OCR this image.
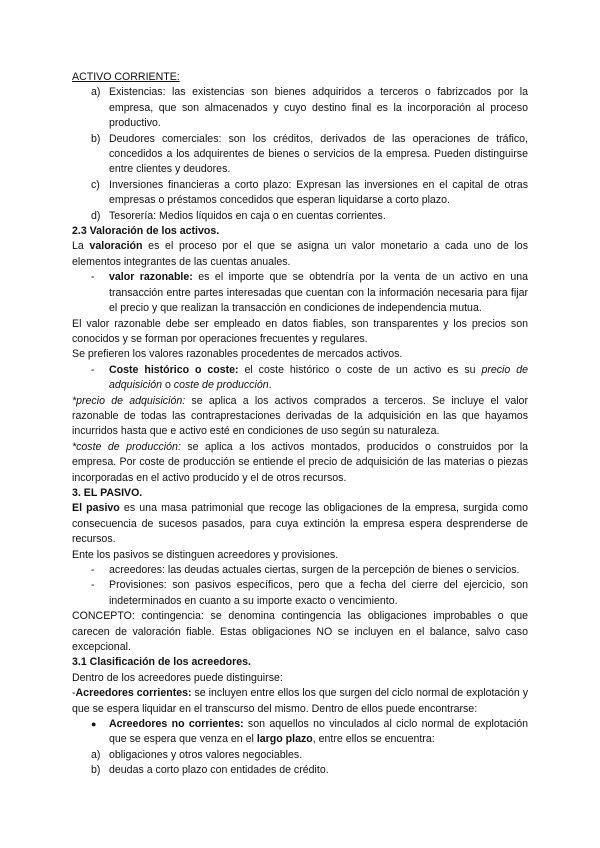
ACTIVO CORRIENTE:

a) Existencias: las existencias son bienes adquiridos a terceros o fabrizcados por la empresa, que son almacenados y cuyo destino final es la incorporación al proceso productivo.
b) Deudores comerciales: son los créditos, derivados de las operaciones de tráfico, concedidos a los adquirentes de bienes o servicios de la empresa. Pueden distinguirse entre clientes y deudores.
c) Inversiones financieras a corto plazo: Expresan las inversiones en el capital de otras empresas o préstamos concedidos que esperan liquidarse a corto plazo.
d) Tesorería: Medios líquidos en caja o en cuentas corrientes.

2.3 Valoración de los activos.

La valoración es el proceso por el que se asigna un valor monetario a cada uno de los elementos integrantes de las cuentas anuales.

-	valor razonable: es el importe que se obtendría por la venta de un activo en una transacción entre partes interesadas que cuentan con la información necesaria para fijar el precio y que realizan la transacción en condiciones de independencia mutua.

El valor razonable debe ser empleado en datos fiables, son transparentes y los precios son conocidos y se forman por operaciones frecuentes y regulares.

Se prefieren los valores razonables procedentes de mercados activos.

-	Coste histórico o coste: el coste histórico o coste de un activo es su precio de adquisición o coste de producción.

*precio de adquisición: se aplica a los activos comprados a terceros. Se incluye el valor razonable de todas las contraprestaciones derivadas de la adquisición en las que hayamos incurridos hasta que e activo esté en condiciones de uso según su naturaleza.

*coste de producción: se aplica a los activos montados, producidos o construidos por la empresa. Por coste de producción se entiende el precio de adquisición de las materias o piezas incorporadas en el activo producido y el de otros recursos.

3. EL PASIVO.

El pasivo es una masa patrimonial que recoge las obligaciones de la empresa, surgida como consecuencia de sucesos pasados, para cuya extinción la empresa espera desprenderse de recursos.

Ente los pasivos se distinguen acreedores y provisiones.

-	acreedores: las deudas actuales ciertas, surgen de la percepción de bienes o servicios.
-	Provisiones: son pasivos específicos, pero que a fecha del cierre del ejercicio, son indeterminados en cuanto a su importe exacto o vencimiento.

CONCEPTO: contingencia: se denomina contingencia las obligaciones improbables o que carecen de valoración fiable. Estas obligaciones NO se incluyen en el balance, salvo caso excepcional.

3.1 Clasificación de los acreedores.

Dentro de los acreedores puede distinguirse:

-Acreedores corrientes: se incluyen entre ellos los que surgen del ciclo normal de explotación y que se espera liquidar en el transcurso del mismo. Dentro de ellos puede encontrarse:

●	Acreedores no corrientes: son aquellos no vinculados al ciclo normal de explotación que se espera que venza en el largo plazo, entre ellos se encuentra:
a) obligaciones y otros valores negociables.
b) deudas a corto plazo con entidades de crédito.
